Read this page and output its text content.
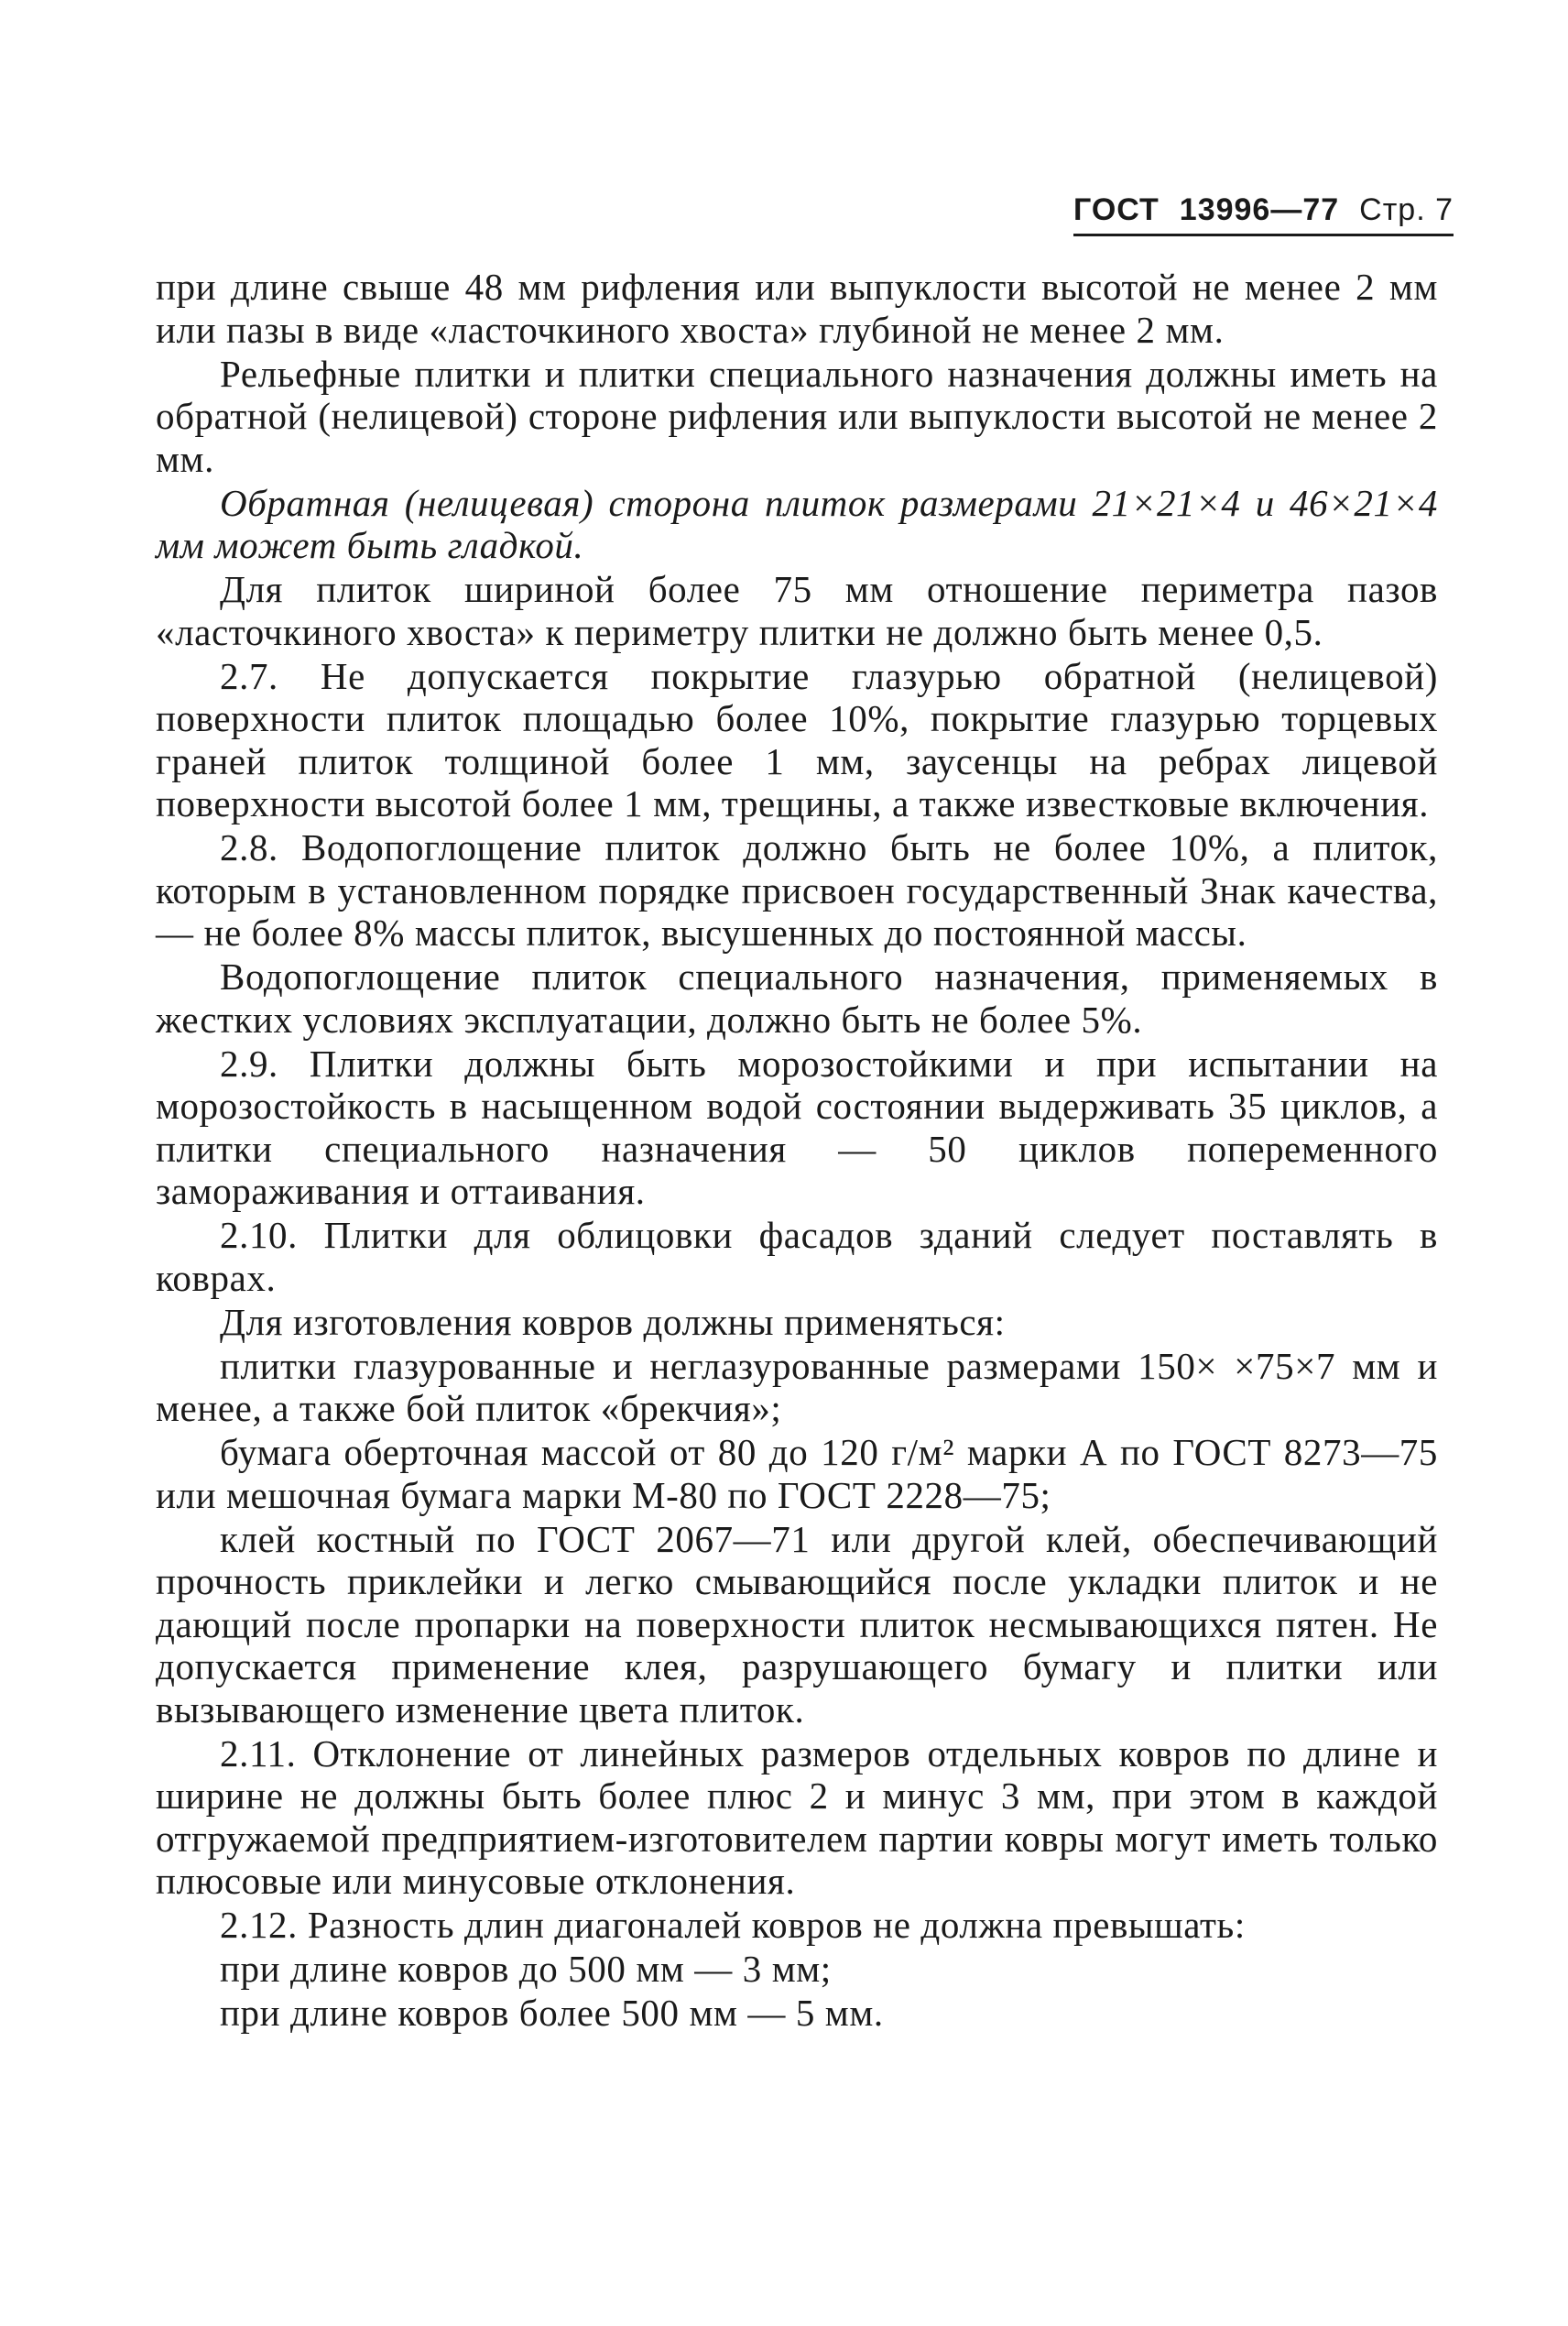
ГОСТ 13996—77 Стр. 7

при длине свыше 48 мм рифления или выпуклости высотой не менее 2 мм или пазы в виде «ласточкиного хвоста» глубиной не менее 2 мм.

Рельефные плитки и плитки специального назначения должны иметь на обратной (нелицевой) стороне рифления или выпуклости высотой не менее 2 мм.

Обратная (нелицевая) сторона плиток размерами 21×21×4 и 46×21×4 мм может быть гладкой.

Для плиток шириной более 75 мм отношение периметра пазов «ласточкиного хвоста» к периметру плитки не должно быть менее 0,5.

2.7. Не допускается покрытие глазурью обратной (нелицевой) поверхности плиток площадью более 10%, покрытие глазурью торцевых граней плиток толщиной более 1 мм, заусенцы на ребрах лицевой поверхности высотой более 1 мм, трещины, а также известковые включения.

2.8. Водопоглощение плиток должно быть не более 10%, а плиток, которым в установленном порядке присвоен государственный Знак качества, — не более 8% массы плиток, высушенных до постоянной массы.

Водопоглощение плиток специального назначения, применяемых в жестких условиях эксплуатации, должно быть не более 5%.

2.9. Плитки должны быть морозостойкими и при испытании на морозостойкость в насыщенном водой состоянии выдерживать 35 циклов, а плитки специального назначения — 50 циклов попеременного замораживания и оттаивания.

2.10. Плитки для облицовки фасадов зданий следует поставлять в коврах.

Для изготовления ковров должны применяться:

плитки глазурованные и неглазурованные размерами 150× ×75×7 мм и менее, а также бой плиток «брекчия»;

бумага оберточная массой от 80 до 120 г/м² марки А по ГОСТ 8273—75 или мешочная бумага марки М-80 по ГОСТ 2228—75;

клей костный по ГОСТ 2067—71 или другой клей, обеспечивающий прочность приклейки и легко смывающийся после укладки плиток и не дающий после пропарки на поверхности плиток несмывающихся пятен. Не допускается применение клея, разрушающего бумагу и плитки или вызывающего изменение цвета плиток.

2.11. Отклонение от линейных размеров отдельных ковров по длине и ширине не должны быть более плюс 2 и минус 3 мм, при этом в каждой отгружаемой предприятием-изготовителем партии ковры могут иметь только плюсовые или минусовые отклонения.

2.12. Разность длин диагоналей ковров не должна превышать:

при длине ковров до 500 мм — 3 мм;

при длине ковров более 500 мм — 5 мм.
